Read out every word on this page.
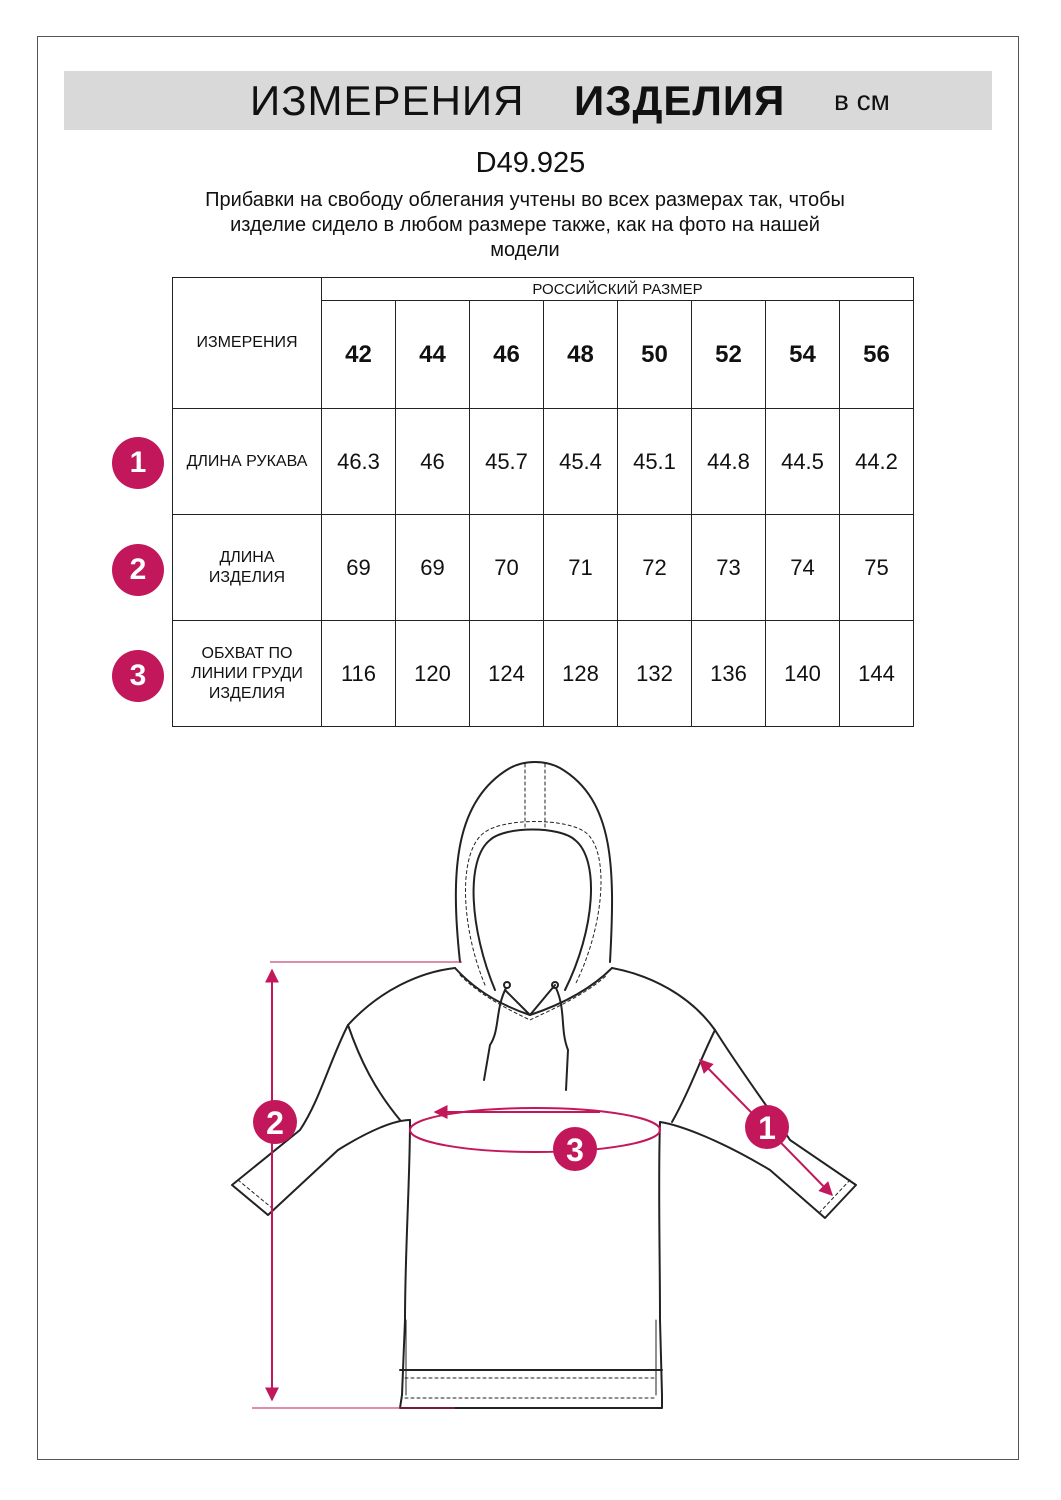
ИЗМЕРЕНИЯ ИЗДЕЛИЯ в см
D49.925
Прибавки на свободу облегания учтены во всех размерах так, чтобы
изделие сидело в любом размере также, как на фото на нашей
модели
ИЗМЕРЕНИЯ	РОССИЙСКИЙ РАЗМЕР							
	42	44	46	48	50	52	54	56

ДЛИНА РУКАВА	46.3	46	45.7	45.4	45.1	44.8	44.5	44.2

ДЛИНА
ИЗДЕЛИЯ	69	69	70	71	72	73	74	75

ОБХВАТ ПО
ЛИНИИ ГРУДИ
ИЗДЕЛИЯ	116	120	124	128	132	136	140	144
1
2
3
1
2
3
